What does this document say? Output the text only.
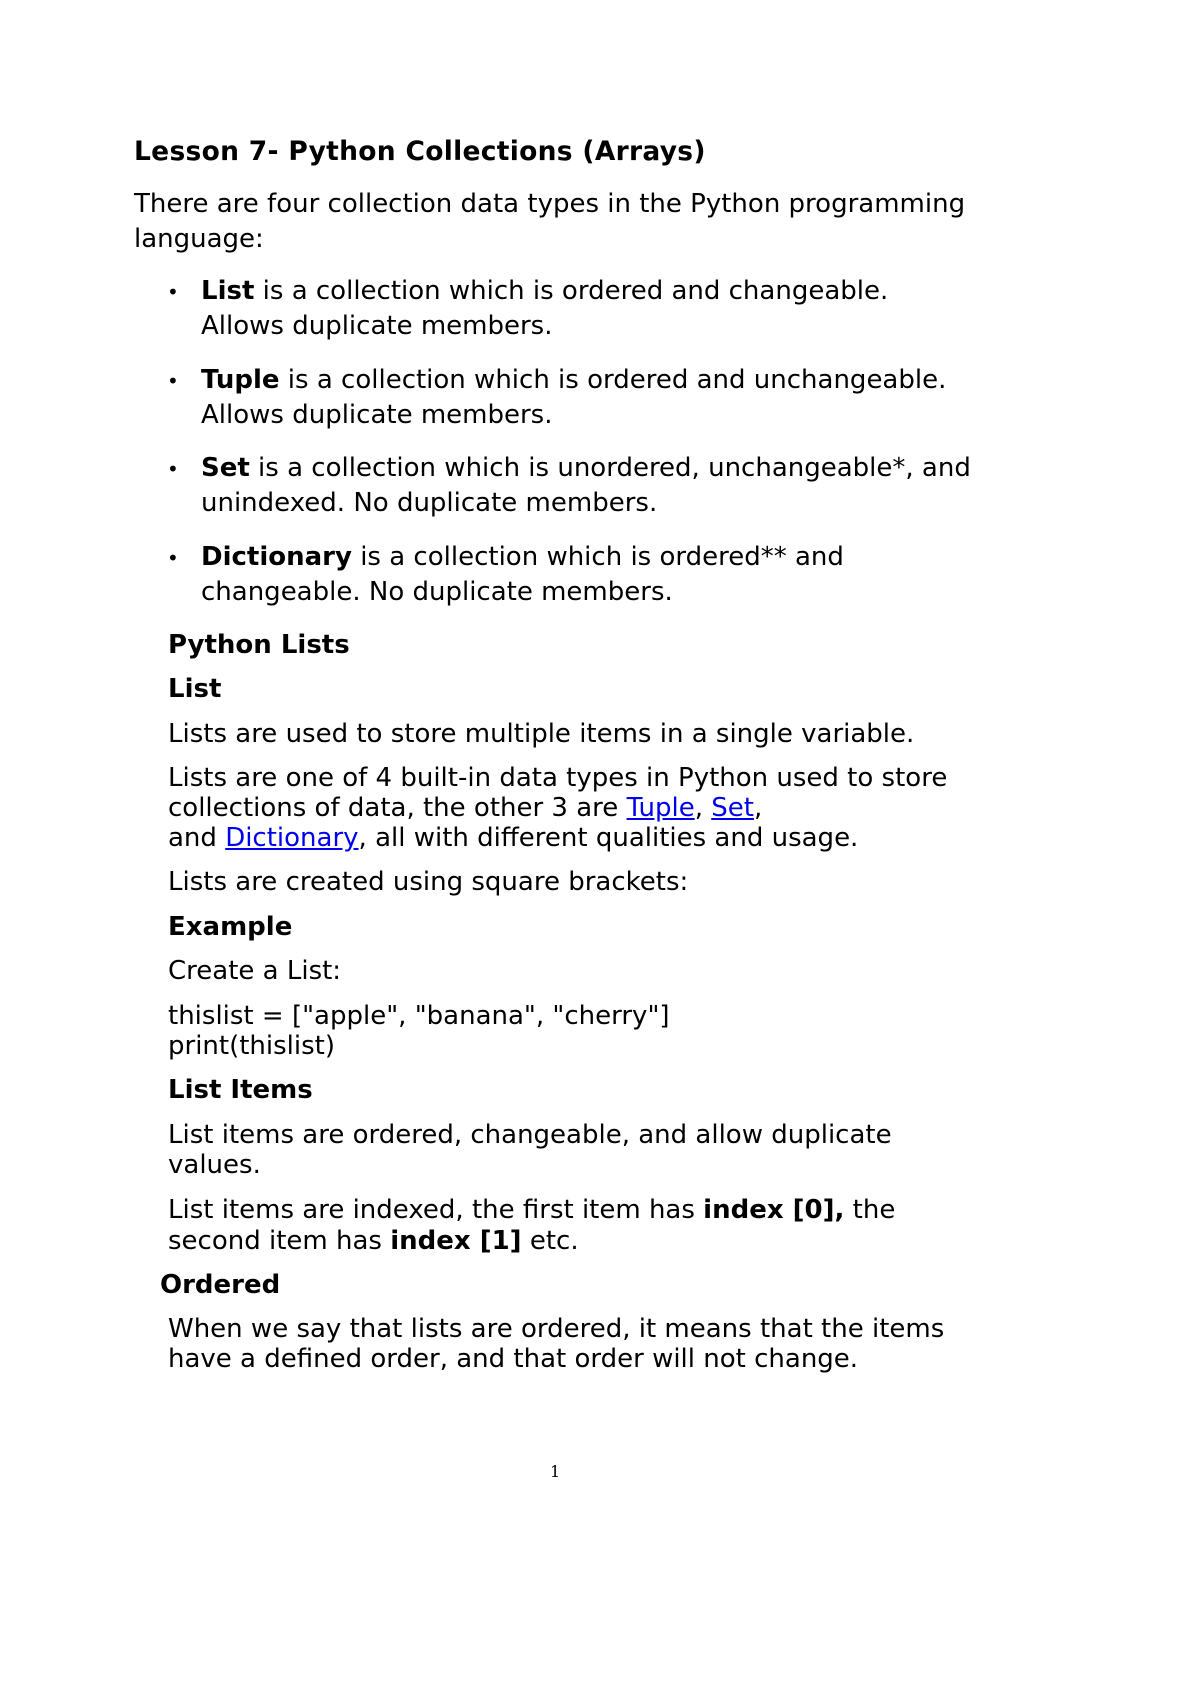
Lesson 7- Python Collections (Arrays)
There are four collection data types in the Python programming
language:
• List is a collection which is ordered and changeable.
Allows duplicate members.
• Tuple is a collection which is ordered and unchangeable.
Allows duplicate members.
• Set is a collection which is unordered, unchangeable*, and
unindexed. No duplicate members.
• Dictionary is a collection which is ordered** and
changeable. No duplicate members.
Python Lists
List
Lists are used to store multiple items in a single variable.
Lists are one of 4 built-in data types in Python used to store
collections of data, the other 3 are Tuple, Set,
and Dictionary, all with different qualities and usage.
Lists are created using square brackets:
Example
Create a List:
thislist = ["apple", "banana", "cherry"]
print(thislist)
List Items
List items are ordered, changeable, and allow duplicate
values.
List items are indexed, the first item has index [0], the
second item has index [1] etc.
Ordered
When we say that lists are ordered, it means that the items
have a defined order, and that order will not change.
1
